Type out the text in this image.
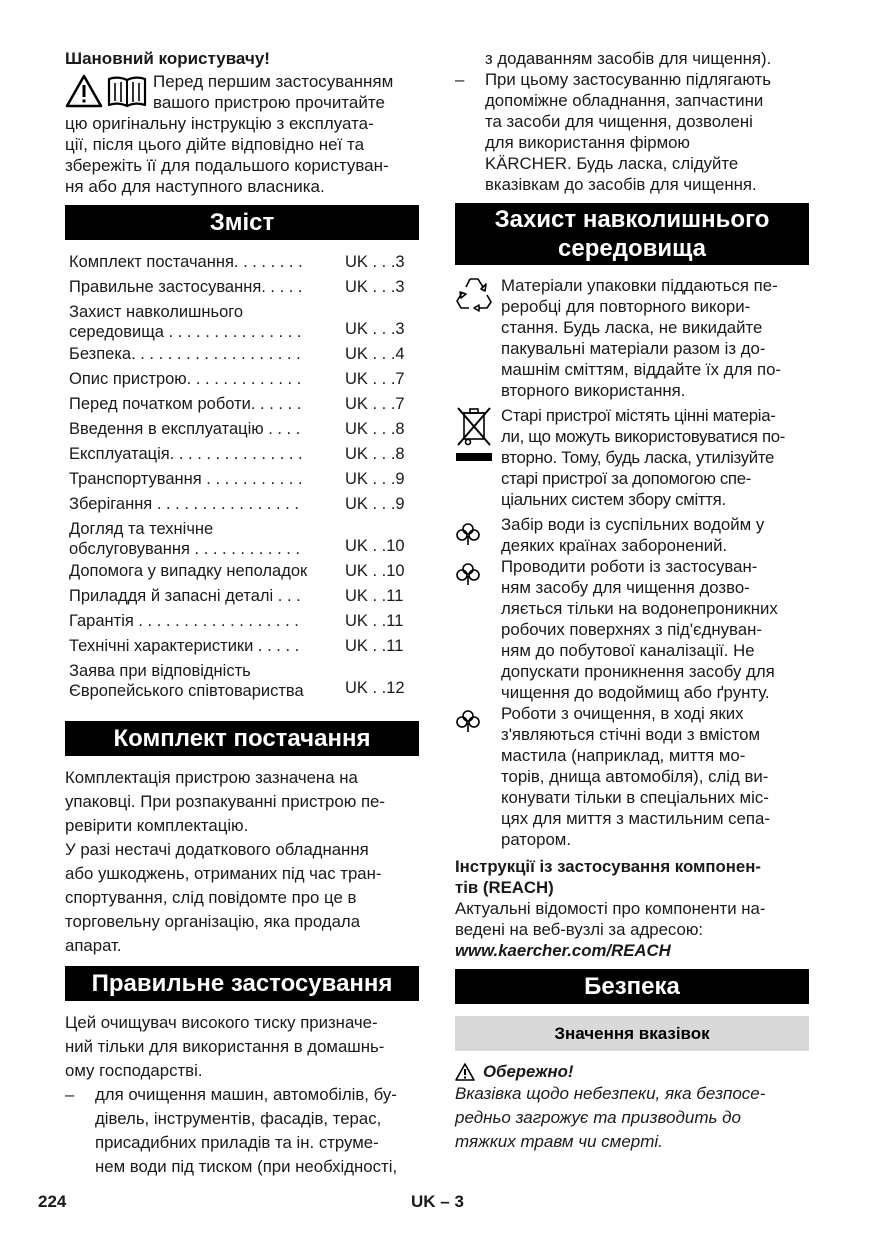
Шановний користувачу!

Перед першим застосуванням

вашого пристрою прочитайте

цю оригінальну інструкцію з експлуата-

ції, після цього дійте відповідно неї та

збережіть її для подальшого користуван-

ня або для наступного власника.

Зміст
Комплект постачання. . . . . . . .	UK . . .3
Правильне застосування. . . . .	UK . . .3
Захист навколишнього
середовища . . . . . . . . . . . . . . .	UK . . .3
Безпека. . . . . . . . . . . . . . . . . . .	UK . . .4
Опис пристрою. . . . . . . . . . . . .	UK . . .7
Перед початком роботи. . . . . .	UK . . .7
Введення в експлуатацію . . . .	UK . . .8
Експлуатація. . . . . . . . . . . . . . .	UK . . .8
Транспортування . . . . . . . . . . .	UK . . .9
Зберігання . . . . . . . . . . . . . . . .	UK . . .9
Догляд та технічне
обслуговування . . . . . . . . . . . .	UK . .10
Допомога у випадку неполадок	UK . .10
Приладдя й запасні деталі . . .	UK . .11
Гарантія . . . . . . . . . . . . . . . . . .	UK . .11
Технічні характеристики . . . . .	UK . .11
Заява при відповідність
Європейського співтовариства	UK . .12
Комплект постачання

Комплектація пристрою зазначена на

упаковці. При розпакуванні пристрою пе-

ревірити комплектацію.

У разі нестачі додаткового обладнання

або ушкоджень, отриманих під час тран-

спортування, слід повідомте про це в

торговельну організацію, яка продала

апарат.

Правильне застосування

Цей очищувач високого тиску призначе-

ний тільки для використання в домашнь-

ому господарстві.

–	для очищення машин, автомобілів, бу-

дівель, інструментів, фасадів, терас,

присадибних приладів та ін. струме-

нем води під тиском (при необхідності,

з додаванням засобів для чищення).

–	При цьому застосуванню підлягають

допоміжне обладнання, запчастини

та засоби для чищення, дозволені

для використання фірмою

KÄRCHER. Будь ласка, слідуйте

вказівкам до засобів для чищення.

Захист навколишнього
середовища

Матеріали упаковки піддаються пе-

реробці для повторного викори-

стання. Будь ласка, не викидайте

пакувальні матеріали разом із до-

машнім сміттям, віддайте їх для по-

вторного використання.

Старі пристрої містять цінні матеріа-

ли, що можуть використовуватися по-

вторно. Тому, будь ласка, утилізуйте

старі пристрої за допомогою спе-

ціальних систем збору сміття.

Забір води із суспільних водойм у

деяких країнах заборонений.

Проводити роботи із застосуван-

ням засобу для чищення дозво-

ляється тільки на водонепроникних

робочих поверхнях з під'єднуван-

ням до побутової каналізації. Не

допускати проникнення засобу для

чищення до водоймищ або ґрунту.

Роботи з очищення, в ході яких

з'являються стічні води з вмістом

мастила (наприклад, миття мо-

торів, днища автомобіля), слід ви-

конувати тільки в спеціальних міс-

цях для миття з мастильним сепа-

ратором.

Інструкції із застосування компонен-

тів (REACH)

Актуальні відомості про компоненти на-

ведені на веб-вузлі за адресою:

www.kaercher.com/REACH

Безпека
Значення вказівок
Обережно!

Вказівка щодо небезпеки, яка безпосе-

редньо загрожує та призводить до

тяжких травм чи смерті.

224	UK – 3
